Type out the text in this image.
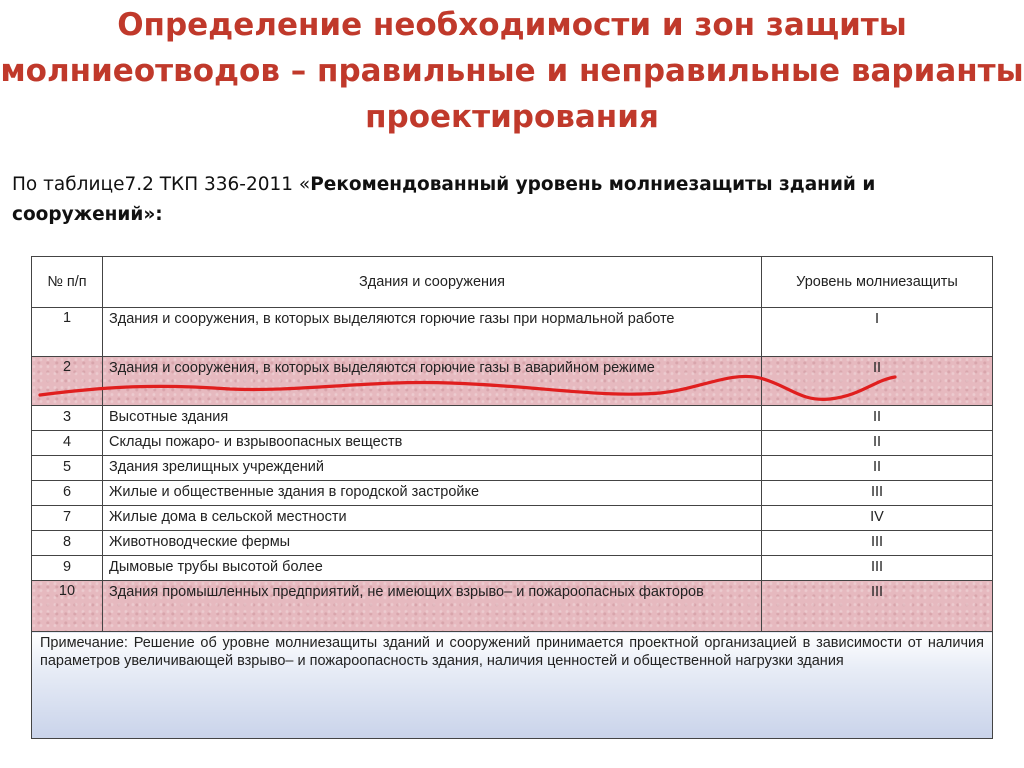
Определение необходимости и зон защиты
молниеотводов – правильные и неправильные варианты
проектирования
По таблице7.2 ТКП 336-2011 «Рекомендованный уровень молниезащиты зданий и
сооружений»:
№ п/п	Здания и сооружения	Уровень молниезащиты
1	Здания и сооружения, в которых выделяются горючие газы при нормальной работе	I
2	Здания и сооружения, в которых выделяются горючие газы в аварийном режиме	II
3	Высотные здания	II
4	Склады пожаро- и взрывоопасных веществ	II
5	Здания зрелищных учреждений	II
6	Жилые и общественные здания в городской застройке	III
7	Жилые дома в сельской местности	IV
8	Животноводческие фермы	III
9	Дымовые трубы высотой более	III
10	Здания промышленных предприятий, не имеющих взрыво– и пожароопасных факторов	III
Примечание: Решение об уровне молниезащиты зданий и сооружений принимается проектной организацией в зависимости от наличия параметров увеличивающей взрыво– и пожароопасность здания, наличия ценностей и общественной нагрузки здания		
